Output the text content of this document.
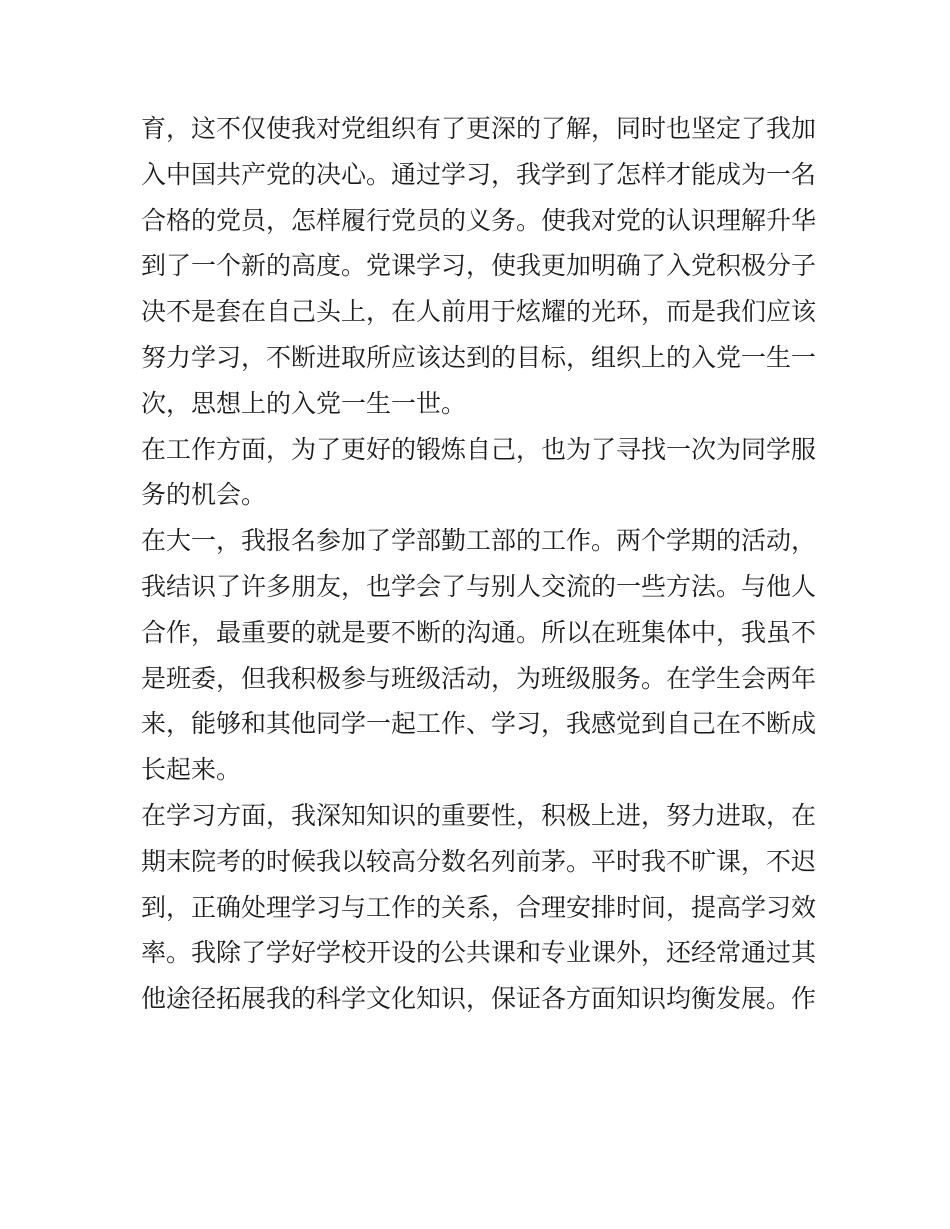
育，这不仅使我对党组织有了更深的了解，同时也坚定了我加

入中国共产党的决心。通过学习，我学到了怎样才能成为一名

合格的党员，怎样履行党员的义务。使我对党的认识理解升华

到了一个新的高度。党课学习，使我更加明确了入党积极分子

决不是套在自己头上，在人前用于炫耀的光环，而是我们应该

努力学习，不断进取所应该达到的目标，组织上的入党一生一

次，思想上的入党一生一世。

在工作方面，为了更好的锻炼自己，也为了寻找一次为同学服

务的机会。

在大一，我报名参加了学部勤工部的工作。两个学期的活动，

我结识了许多朋友，也学会了与别人交流的一些方法。与他人

合作，最重要的就是要不断的沟通。所以在班集体中，我虽不

是班委，但我积极参与班级活动，为班级服务。在学生会两年

来，能够和其他同学一起工作、学习，我感觉到自己在不断成

长起来。

在学习方面，我深知知识的重要性，积极上进，努力进取，在

期末院考的时候我以较高分数名列前茅。平时我不旷课，不迟

到，正确处理学习与工作的关系，合理安排时间，提高学习效

率。我除了学好学校开设的公共课和专业课外，还经常通过其

他途径拓展我的科学文化知识，保证各方面知识均衡发展。作
